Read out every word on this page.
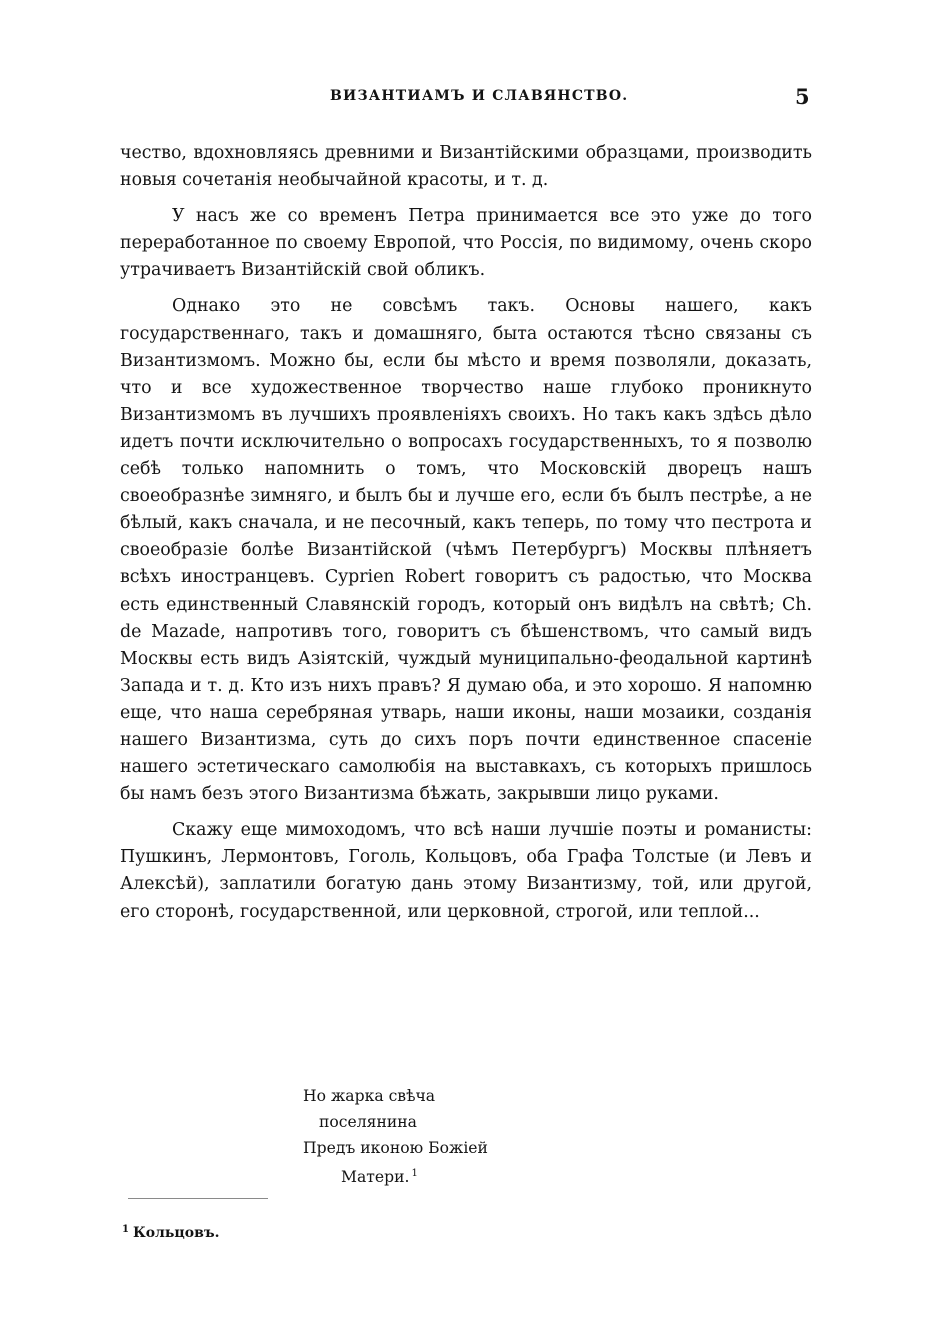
ВИЗАНТИАМЪ И СЛАВЯНСТВО.	5

чество, вдохновляясь древними и Византійскими образцами, производить новыя сочетанія необычайной красоты, и т. д.

У насъ же со временъ Петра принимается все это уже до того переработанное по своему Европой, что Россія, по видимому, очень скоро утрачиваетъ Византійскій свой обликъ.

Однако это не совсѣмъ такъ. Основы нашего, какъ государственнаго, такъ и домашняго, быта остаются тѣсно связаны съ Византизмомъ. Можно бы, если бы мѣсто и время позволяли, доказать, что и все художественное творчество наше глубоко проникнуто Византизмомъ въ лучшихъ проявленіяхъ своихъ. Но такъ какъ здѣсь дѣло идетъ почти исключительно о вопросахъ государственныхъ, то я позволю себѣ только напомнить о томъ, что Московскій дворецъ нашъ своеобразнѣе зимняго, и былъ бы и лучше его, если бъ былъ пестрѣе, а не бѣлый, какъ сначала, и не песочный, какъ теперь, по тому что пестрота и своеобразіе болѣе Византійской (чѣмъ Петербургъ) Москвы плѣняетъ всѣхъ иностранцевъ. Cyprien Robert говоритъ съ радостью, что Москва есть единственный Славянскій городъ, который онъ видѣлъ на свѣтѣ; Ch. de Mazade, напротивъ того, говоритъ съ бѣшенствомъ, что самый видъ Москвы есть видъ Азіятскій, чуждый муниципально-феодальной картинѣ Запада и т. д. Кто изъ нихъ правъ? Я думаю оба, и это хорошо. Я напомню еще, что наша серебряная утварь, наши иконы, наши мозаики, созданія нашего Византизма, суть до сихъ поръ почти единственное спасеніе нашего эстетическаго самолюбія на выставкахъ, съ которыхъ пришлось бы намъ безъ этого Византизма бѣжать, закрывши лицо руками.

Скажу еще мимоходомъ, что всѣ наши лучшіе поэты и романисты: Пушкинъ, Лермонтовъ, Гоголь, Кольцовъ, оба Графа Толстые (и Левъ и Алексѣй), заплатили богатую дань этому Византизму, той, или другой, его сторонѣ, государственной, или церковной, строгой, или теплой...

Но жарка свѣча
поселянина
Предъ иконою Божіей
Матери. $^1$
$^1$ Кольцовъ.
